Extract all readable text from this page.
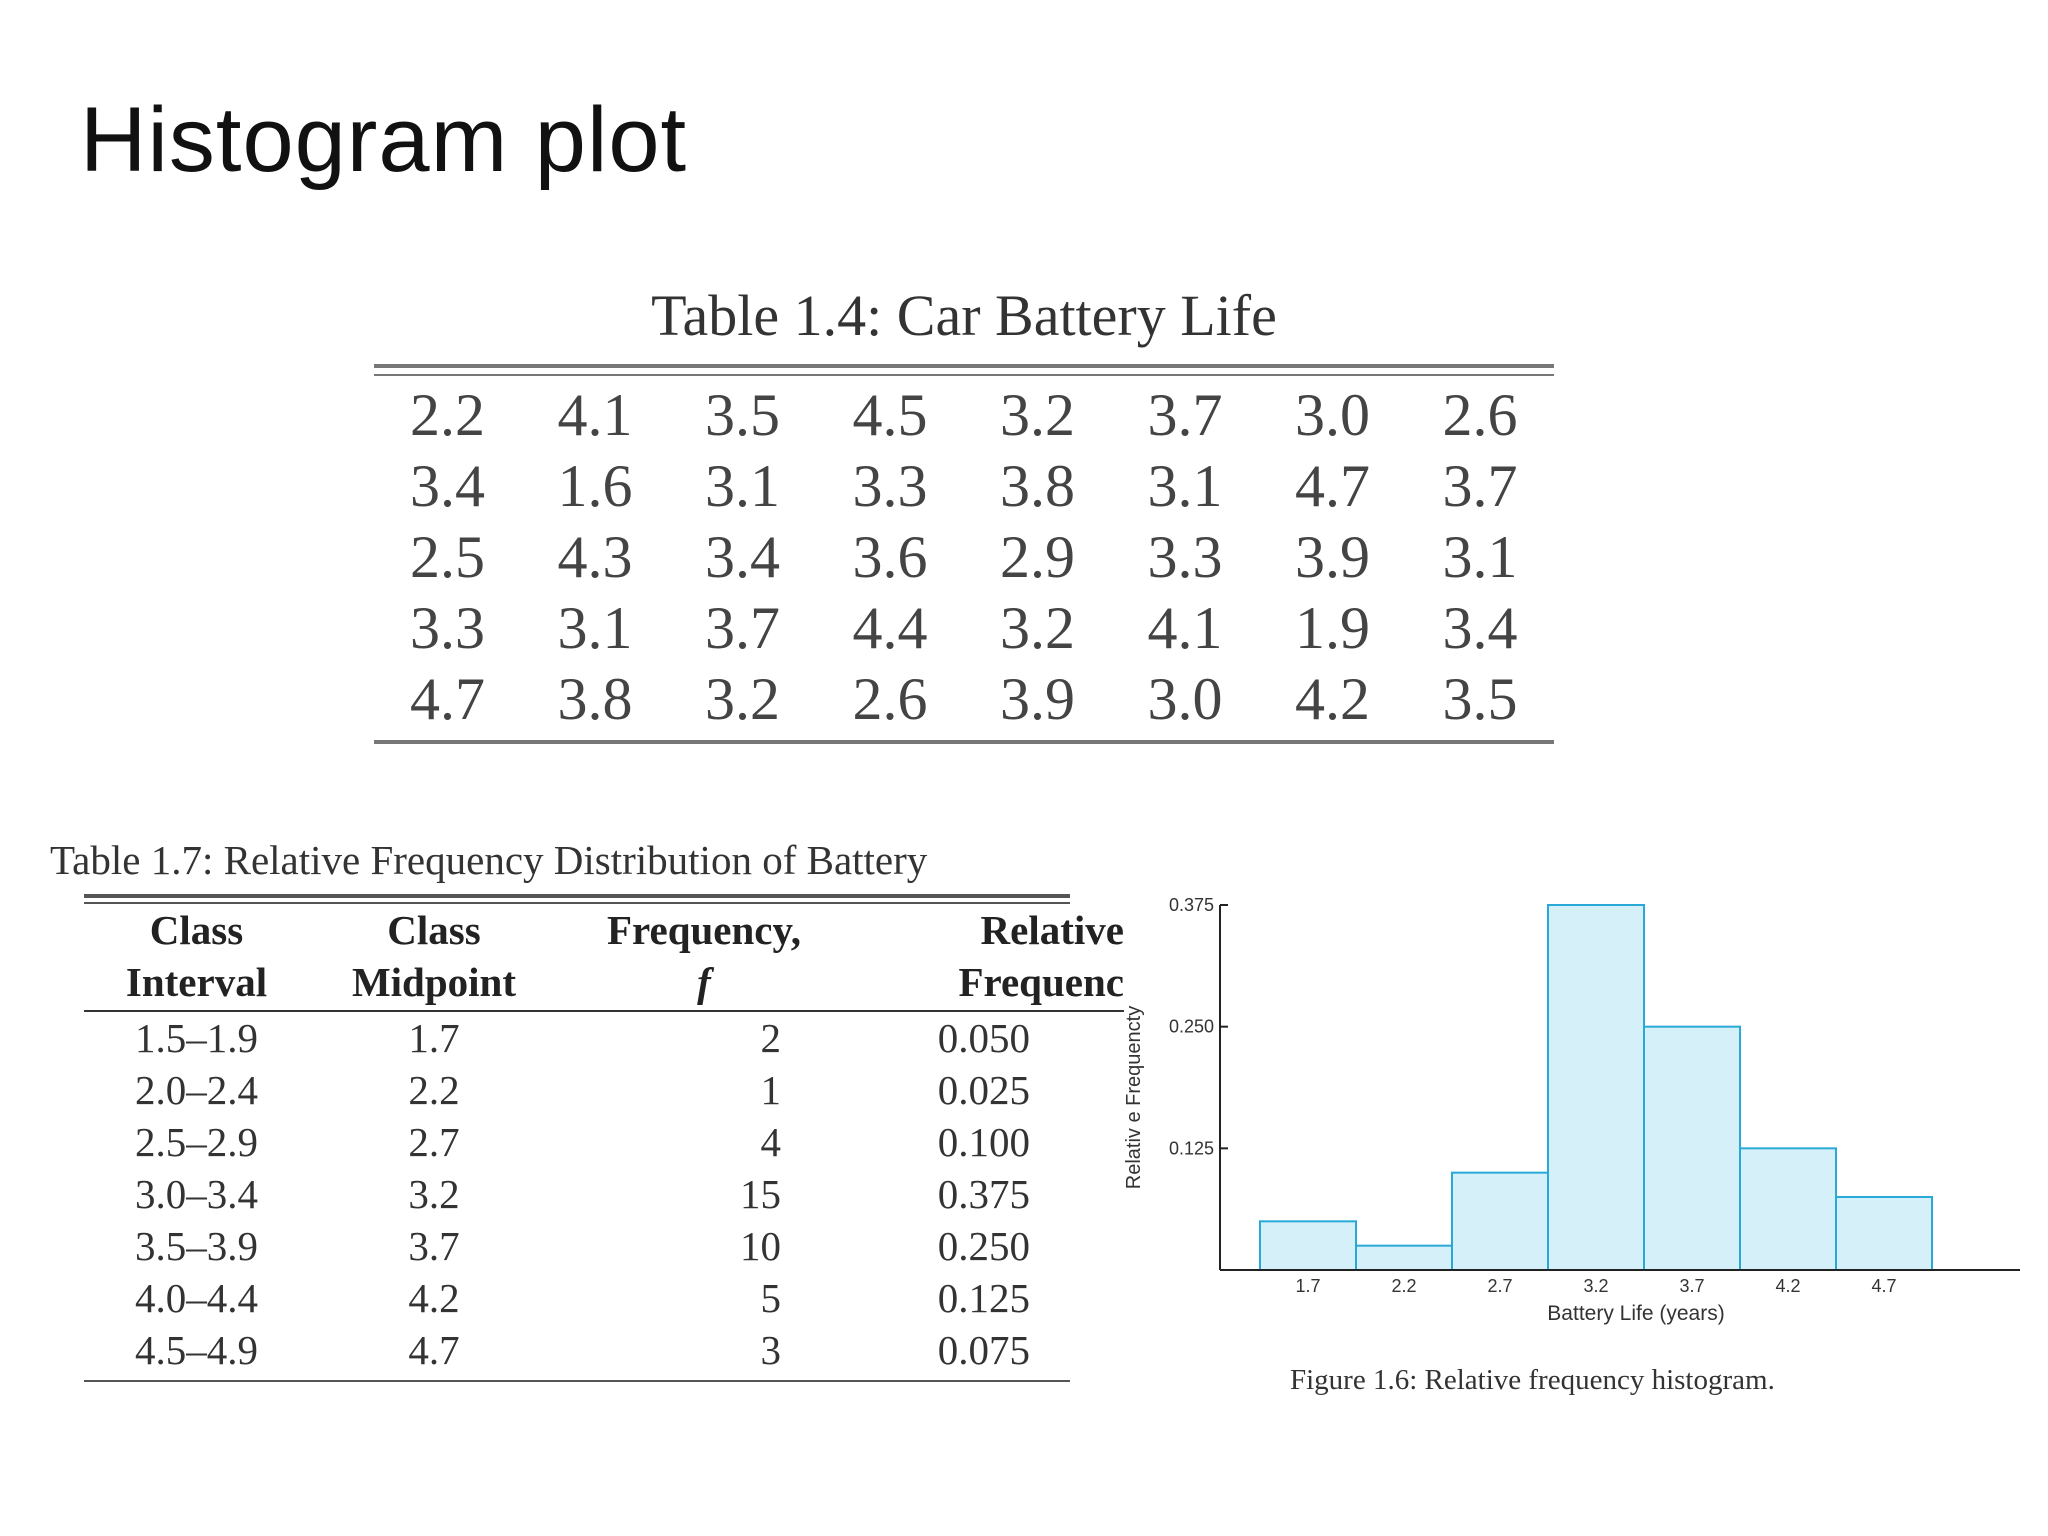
Histogram plot
Table 1.4: Car Battery Life
2.2	4.1	3.5	4.5	3.2	3.7	3.0	2.6
3.4	1.6	3.1	3.3	3.8	3.1	4.7	3.7
2.5	4.3	3.4	3.6	2.9	3.3	3.9	3.1
3.3	3.1	3.7	4.4	3.2	4.1	1.9	3.4
4.7	3.8	3.2	2.6	3.9	3.0	4.2	3.5
Table 1.7: Relative Frequency Distribution of Battery
Class	Class	Frequency,	Relative
Interval	Midpoint	f	Frequenc
1.5–1.9	1.7	2	0.050
2.0–2.4	2.2	1	0.025
2.5–2.9	2.7	4	0.100
3.0–3.4	3.2	15	0.375
3.5–3.9	3.7	10	0.250
4.0–4.4	4.2	5	0.125
4.5–4.9	4.7	3	0.075
0.125
0.250
0.375
1.7	2.2	2.7	3.2	3.7	4.2	4.7
Battery Life (years)
Relativ e Frequencty
Figure 1.6: Relative frequency histogram.
